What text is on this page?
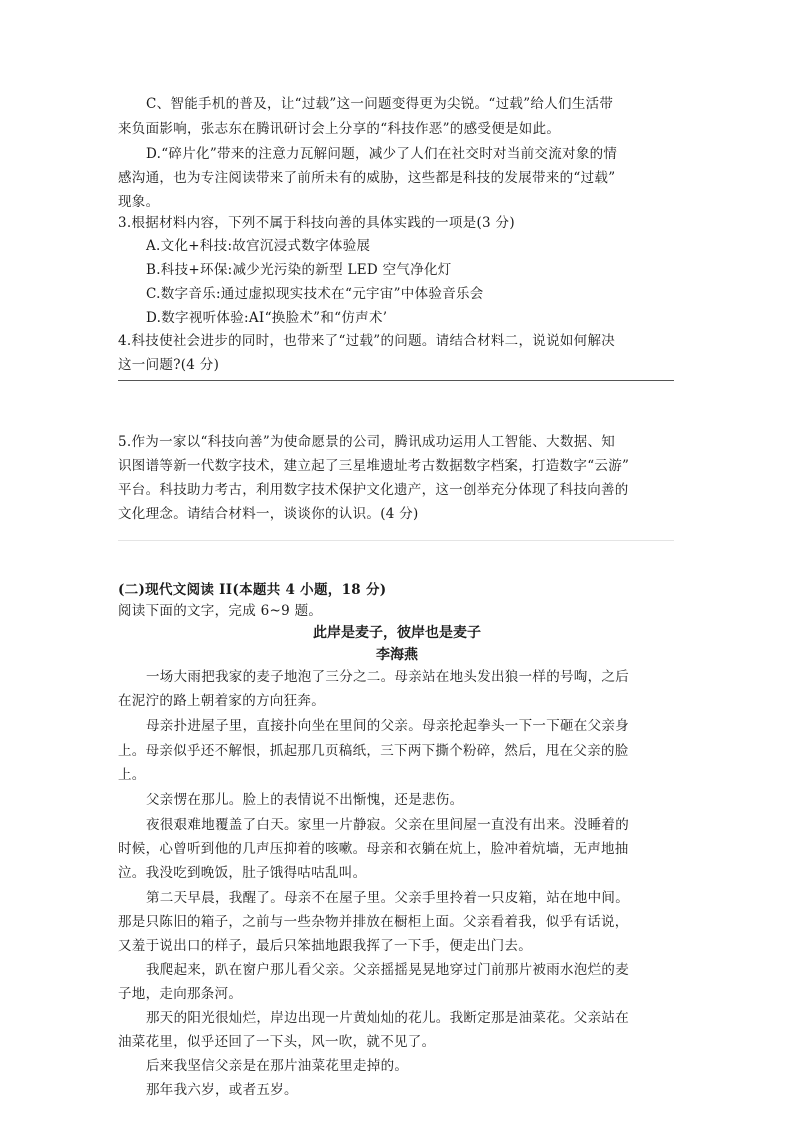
C、智能手机的普及，让“过载”这一问题变得更为尖锐。“过载”给人们生活带
来负面影响，张志东在腾讯研讨会上分享的“科技作恶”的感受便是如此。
D.“碎片化”带来的注意力瓦解问题，减少了人们在社交时对当前交流对象的情
感沟通，也为专注阅读带来了前所未有的威胁，这些都是科技的发展带来的“过载”
现象。
3.根据材料内容，下列不属于科技向善的具体实践的一项是(3 分)
A.文化+科技:故宫沉浸式数字体验展
B.科技+环保:减少光污染的新型 LED 空气净化灯
C.数字音乐:通过虚拟现实技术在“元宇宙”中体验音乐会
D.数字视听体验:AI“换脸术”和“仿声术’
4.科技使社会进步的同时，也带来了“过载”的问题。请结合材料二，说说如何解决
这一问题?(4 分)
5.作为一家以“科技向善”为使命愿景的公司，腾讯成功运用人工智能、大数据、知
识图谱等新一代数字技术，建立起了三星堆遗址考古数据数字档案，打造数字“云游”
平台。科技助力考古，利用数字技术保护文化遗产，这一创举充分体现了科技向善的
文化理念。请结合材料一，谈谈你的认识。(4 分)
(二)现代文阅读 II(本题共 4 小题，18 分)
阅读下面的文字，完成 6~9 题。
此岸是麦子，彼岸也是麦子
李海燕
一场大雨把我家的麦子地泡了三分之二。母亲站在地头发出狼一样的号啕，之后
在泥泞的路上朝着家的方向狂奔。
母亲扑进屋子里，直接扑向坐在里间的父亲。母亲抡起拳头一下一下砸在父亲身
上。母亲似乎还不解恨，抓起那几页稿纸，三下两下撕个粉碎，然后，甩在父亲的脸
上。
父亲愣在那儿。脸上的表情说不出惭愧，还是悲伤。
夜很艰难地覆盖了白天。家里一片静寂。父亲在里间屋一直没有出来。没睡着的
时候，心曾听到他的几声压抑着的咳嗽。母亲和衣躺在炕上，脸冲着炕墙，无声地抽
泣。我没吃到晚饭，肚子饿得咕咕乱叫。
第二天早晨，我醒了。母亲不在屋子里。父亲手里拎着一只皮箱，站在地中间。
那是只陈旧的箱子，之前与一些杂物并排放在橱柜上面。父亲看着我，似乎有话说，
又羞于说出口的样子，最后只笨拙地跟我挥了一下手，便走出门去。
我爬起来，趴在窗户那儿看父亲。父亲摇摇晃晃地穿过门前那片被雨水泡烂的麦
子地，走向那条河。
那天的阳光很灿烂，岸边出现一片黄灿灿的花儿。我断定那是油菜花。父亲站在
油菜花里，似乎还回了一下头，风一吹，就不见了。
后来我坚信父亲是在那片油菜花里走掉的。
那年我六岁，或者五岁。
